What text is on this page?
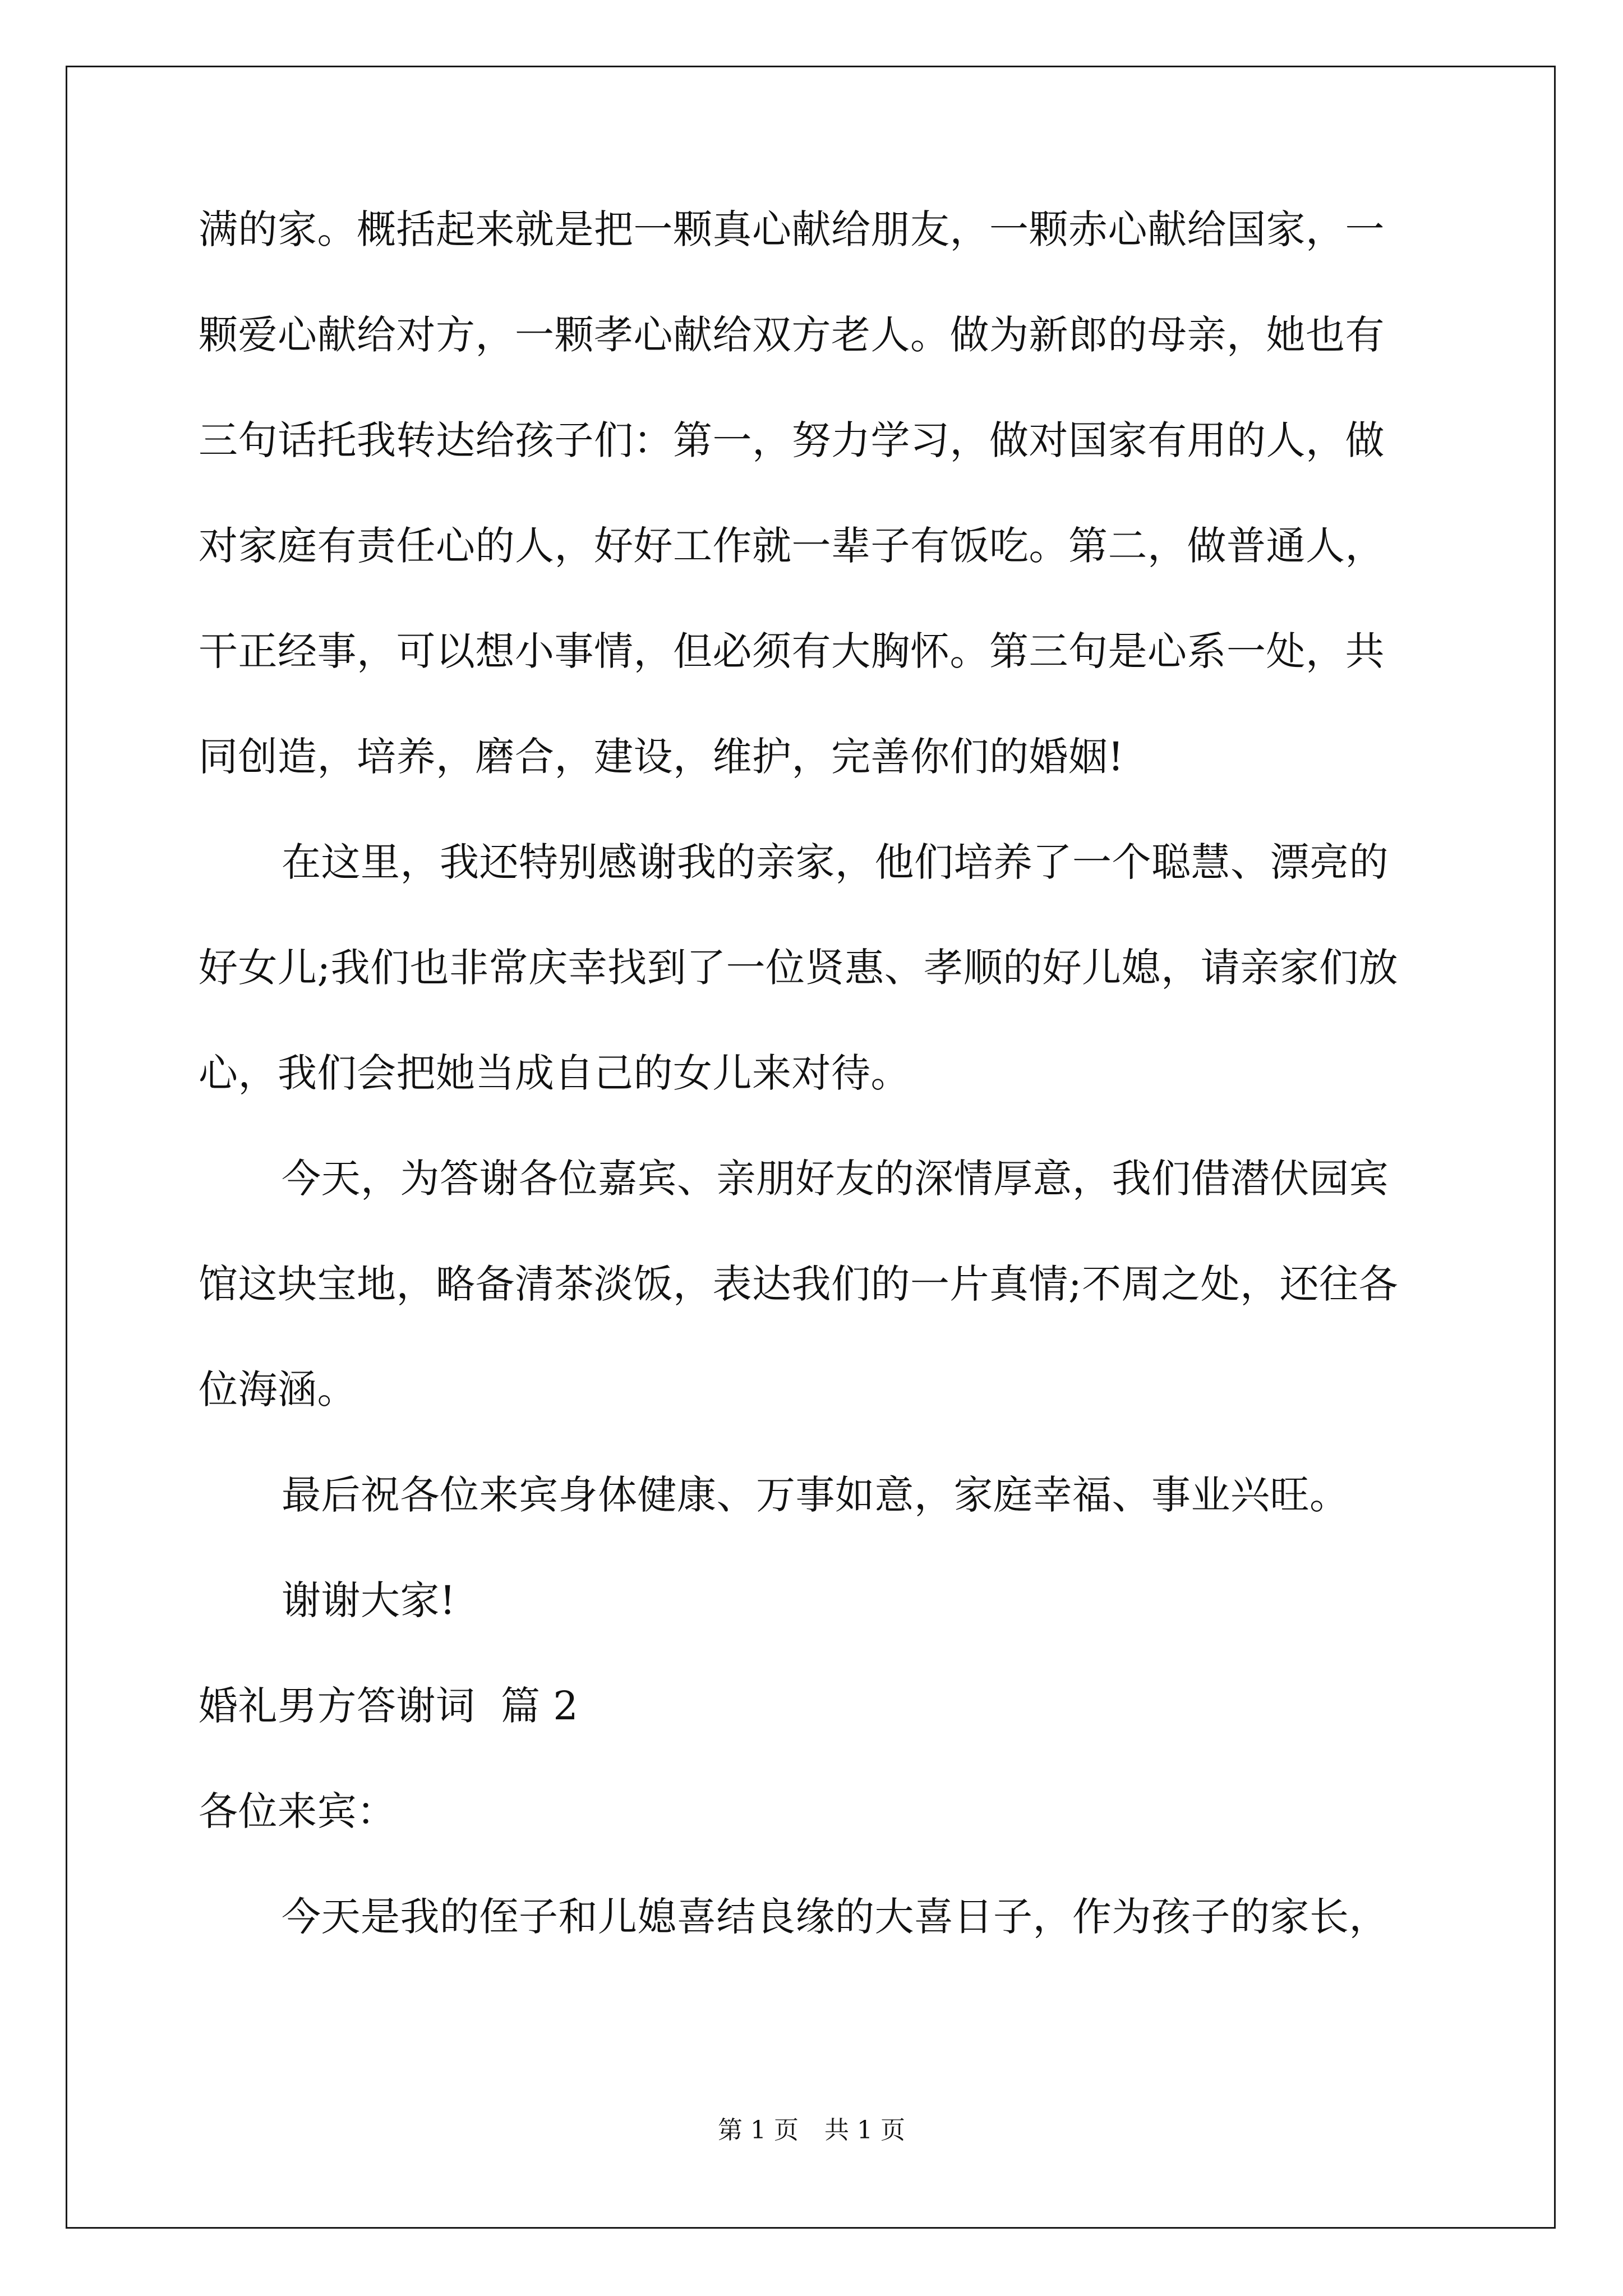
满的家。概括起来就是把一颗真心献给朋友，一颗赤心献给国家，一
颗爱心献给对方，一颗孝心献给双方老人。做为新郎的母亲，她也有
三句话托我转达给孩子们：第一，努力学习，做对国家有用的人，做
对家庭有责任心的人，好好工作就一辈子有饭吃。第二，做普通人，
干正经事，可以想小事情，但必须有大胸怀。第三句是心系一处，共
同创造，培养，磨合，建设，维护，完善你们的婚姻!
在这里，我还特别感谢我的亲家，他们培养了一个聪慧、漂亮的
好女儿;我们也非常庆幸找到了一位贤惠、孝顺的好儿媳，请亲家们放
心，我们会把她当成自己的女儿来对待。
今天，为答谢各位嘉宾、亲朋好友的深情厚意，我们借潜伏园宾
馆这块宝地，略备清茶淡饭，表达我们的一片真情;不周之处，还往各
位海涵。
最后祝各位来宾身体健康、万事如意，家庭幸福、事业兴旺。
谢谢大家!
婚礼男方答谢词  篇 2
各位来宾：
今天是我的侄子和儿媳喜结良缘的大喜日子，作为孩子的家长，
第 1 页 共 1 页
